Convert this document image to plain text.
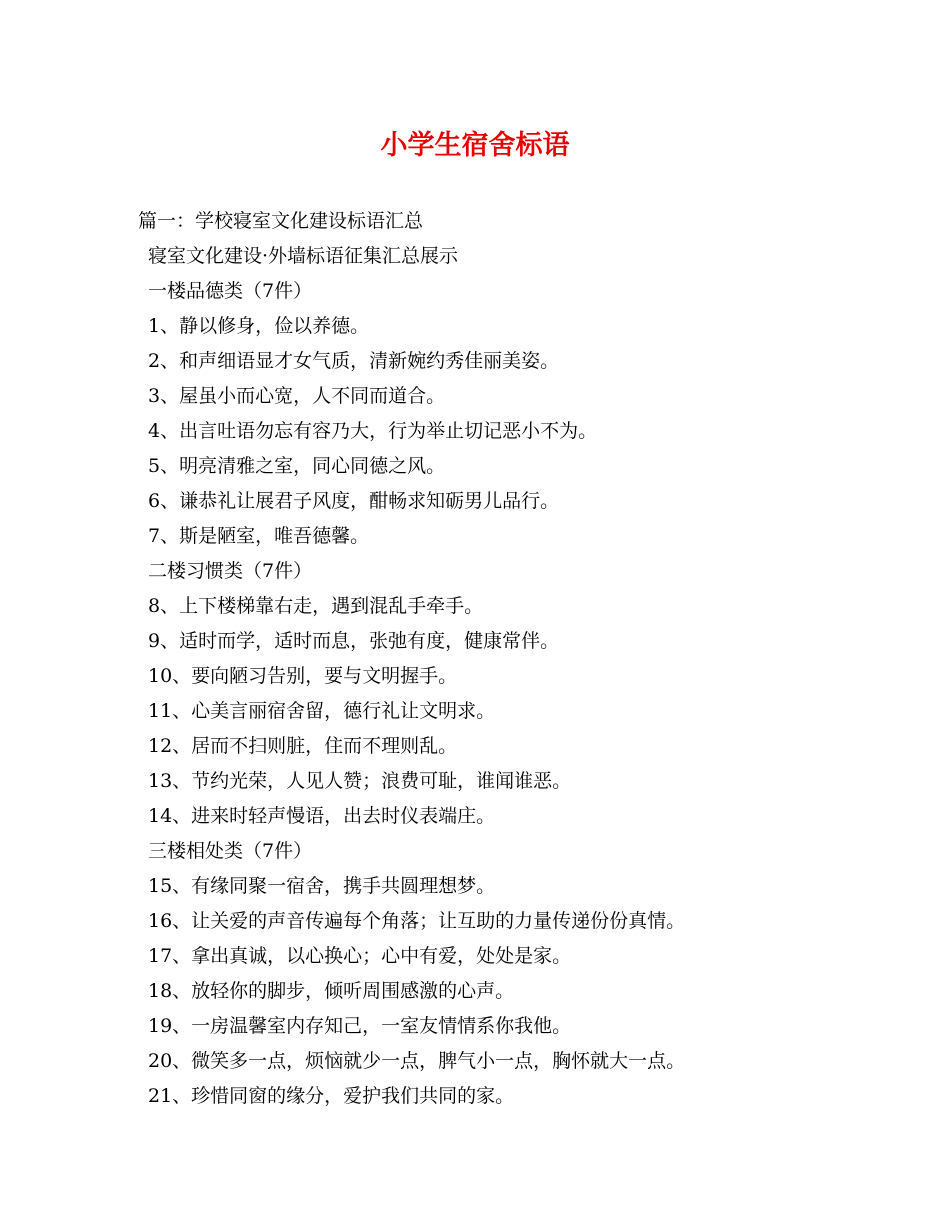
小学生宿舍标语
篇一：学校寝室文化建设标语汇总
寝室文化建设·外墙标语征集汇总展示
一楼品德类（7件）
1、静以修身，俭以养德。
2、和声细语显才女气质，清新婉约秀佳丽美姿。
3、屋虽小而心宽，人不同而道合。
4、出言吐语勿忘有容乃大，行为举止切记恶小不为。
5、明亮清雅之室，同心同德之风。
6、谦恭礼让展君子风度，酣畅求知砺男儿品行。
7、斯是陋室，唯吾德馨。
二楼习惯类（7件）
8、上下楼梯靠右走，遇到混乱手牵手。
9、适时而学，适时而息，张弛有度，健康常伴。
10、要向陋习告别，要与文明握手。
11、心美言丽宿舍留，德行礼让文明求。
12、居而不扫则脏，住而不理则乱。
13、节约光荣，人见人赞；浪费可耻，谁闻谁恶。
14、进来时轻声慢语，出去时仪表端庄。
三楼相处类（7件）
15、有缘同聚一宿舍，携手共圆理想梦。
16、让关爱的声音传遍每个角落；让互助的力量传递份份真情。
17、拿出真诚，以心换心；心中有爱，处处是家。
18、放轻你的脚步，倾听周围感激的心声。
19、一房温馨室内存知己，一室友情情系你我他。
20、微笑多一点，烦恼就少一点，脾气小一点，胸怀就大一点。
21、珍惜同窗的缘分，爱护我们共同的家。
